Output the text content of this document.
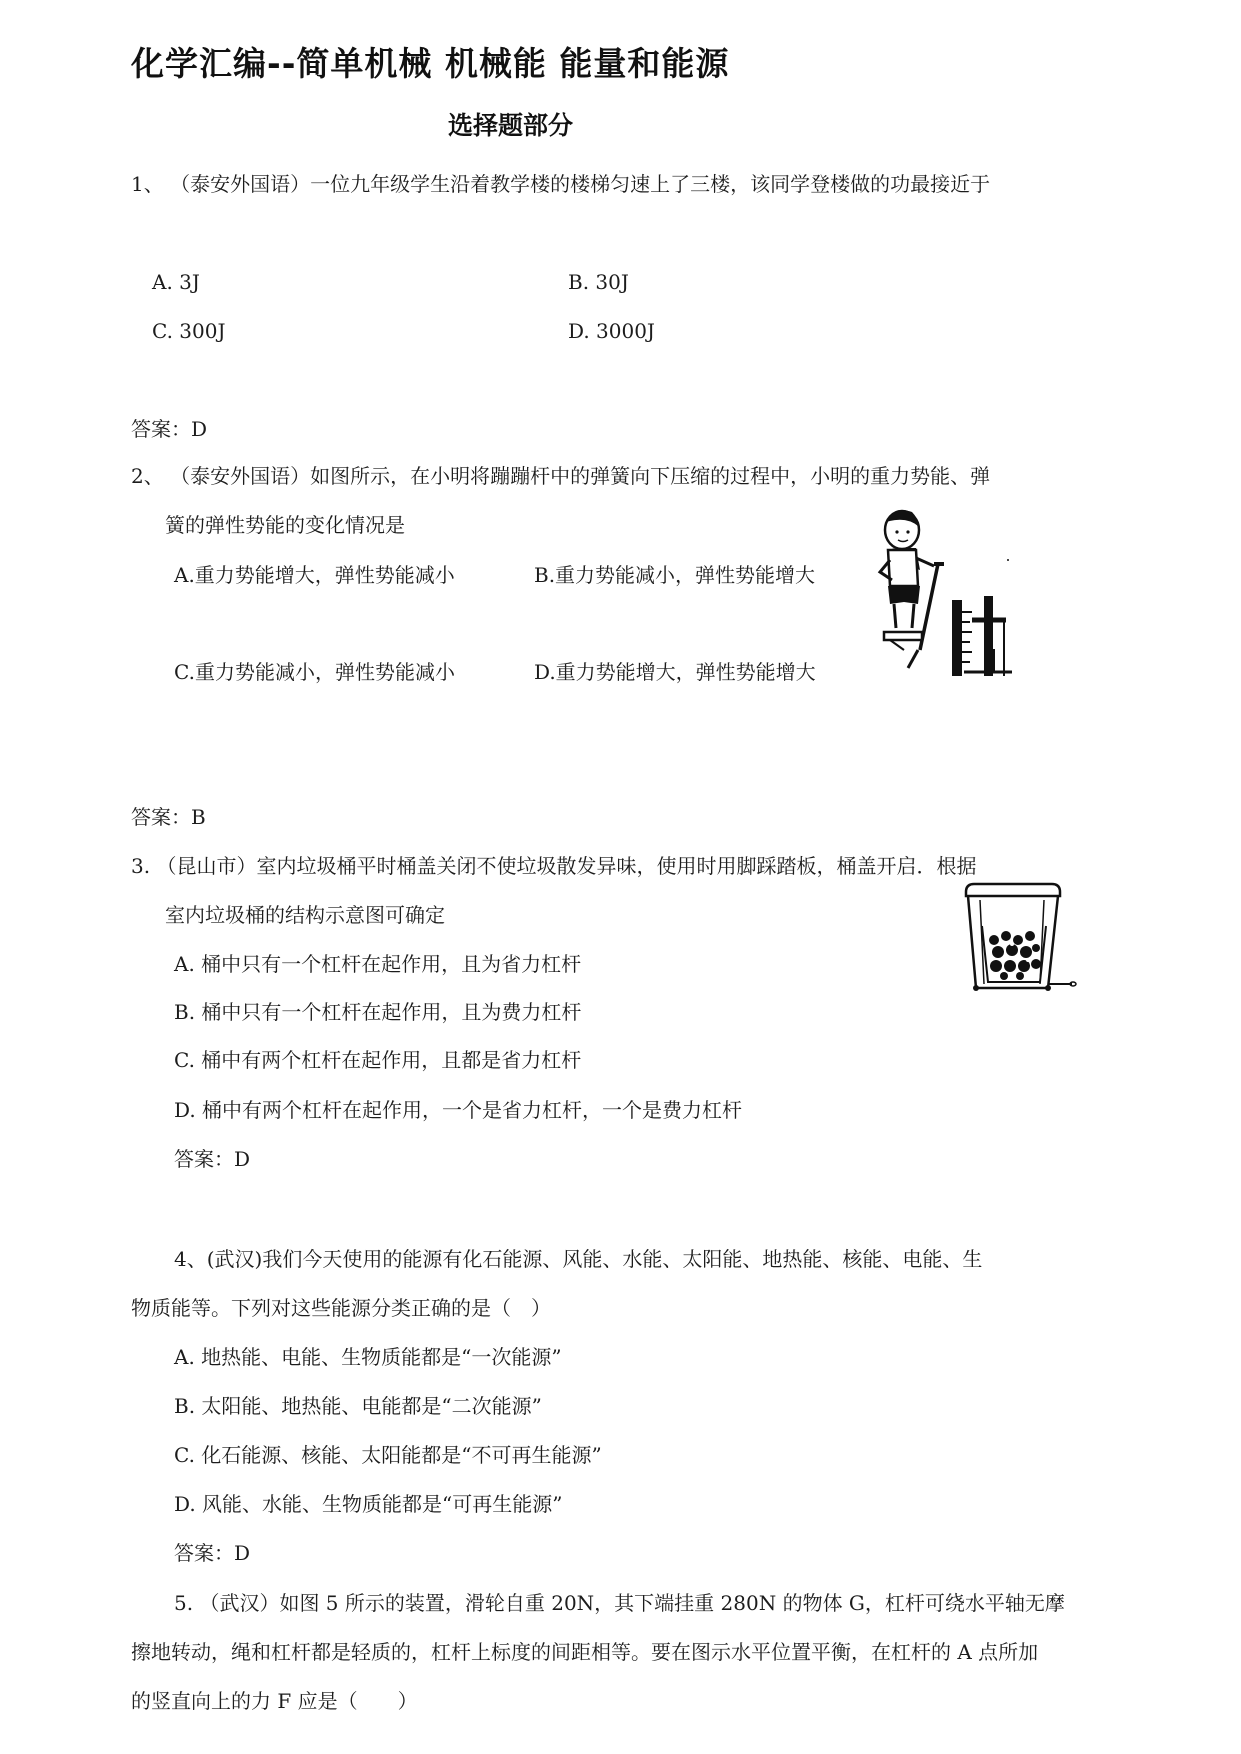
化学汇编--简单机械 机械能 能量和能源
选择题部分
1、 （泰安外国语）一位九年级学生沿着教学楼的楼梯匀速上了三楼，该同学登楼做的功最接近于
A. 3J	B. 30J
C. 300J	D. 3000J
答案：D
2、 （泰安外国语）如图所示，在小明将蹦蹦杆中的弹簧向下压缩的过程中，小明的重力势能、弹
簧的弹性势能的变化情况是
A.重力势能增大，弹性势能减小	B.重力势能减小，弹性势能增大
C.重力势能减小，弹性势能减小	D.重力势能增大，弹性势能增大
答案：B
3. （昆山市）室内垃圾桶平时桶盖关闭不使垃圾散发异味，使用时用脚踩踏板，桶盖开启．根据
室内垃圾桶的结构示意图可确定
A. 桶中只有一个杠杆在起作用，且为省力杠杆
B. 桶中只有一个杠杆在起作用，且为费力杠杆
C. 桶中有两个杠杆在起作用，且都是省力杠杆
D. 桶中有两个杠杆在起作用，一个是省力杠杆，一个是费力杠杆
答案：D
4、(武汉)我们今天使用的能源有化石能源、风能、水能、太阳能、地热能、核能、电能、生
物质能等。下列对这些能源分类正确的是（　）
A. 地热能、电能、生物质能都是“一次能源”
B. 太阳能、地热能、电能都是“二次能源”
C. 化石能源、核能、太阳能都是“不可再生能源”
D. 风能、水能、生物质能都是“可再生能源”
答案：D
5. （武汉）如图 5 所示的装置，滑轮自重 20N，其下端挂重 280N 的物体 G，杠杆可绕水平轴无摩
擦地转动，绳和杠杆都是轻质的，杠杆上标度的间距相等。要在图示水平位置平衡，在杠杆的 A 点所加
的竖直向上的力 F 应是（　　）
